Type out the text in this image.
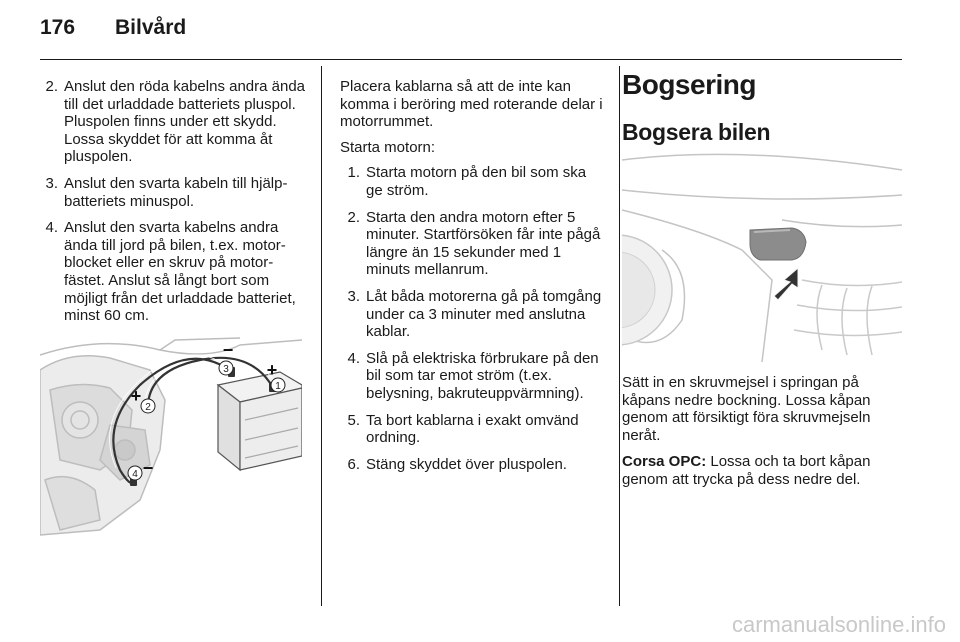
176	Bilvård
2. Anslut den röda kabelns andra ända till det urladdade batteriets pluspol. Pluspolen finns under ett skydd. Lossa skyddet för att komma åt pluspolen.
3. Anslut den svarta kabeln till hjälpbatteriets minuspol.
4. Anslut den svarta kabelns andra ända till jord på bilen, t.ex. motorblocket eller en skruv på motorfästet. Anslut så långt bort som möjligt från det urladdade batteriet, minst 60 cm.
1
2
3
4
−
+
+
−

Placera kablarna så att de inte kan komma i beröring med roterande delar i motorrummet.

Starta motorn:

1. Starta motorn på den bil som ska ge ström.
2. Starta den andra motorn efter 5 minuter. Startförsöken får inte pågå längre än 15 sekunder med 1 minuts mellanrum.
3. Låt båda motorerna gå på tomgång under ca 3 minuter med anslutna kablar.
4. Slå på elektriska förbrukare på den bil som tar emot ström (t.ex. belysning, bakruteuppvärmning).
5. Ta bort kablarna i exakt omvänd ordning.
6. Stäng skyddet över pluspolen.
Bogsering
Bogsera bilen

Sätt in en skruvmejsel i springan på kåpans nedre bockning. Lossa kåpan genom att försiktigt föra skruvmejseln neråt.

Corsa OPC: Lossa och ta bort kåpan genom att trycka på dess nedre del.

carmanualsonline.info
